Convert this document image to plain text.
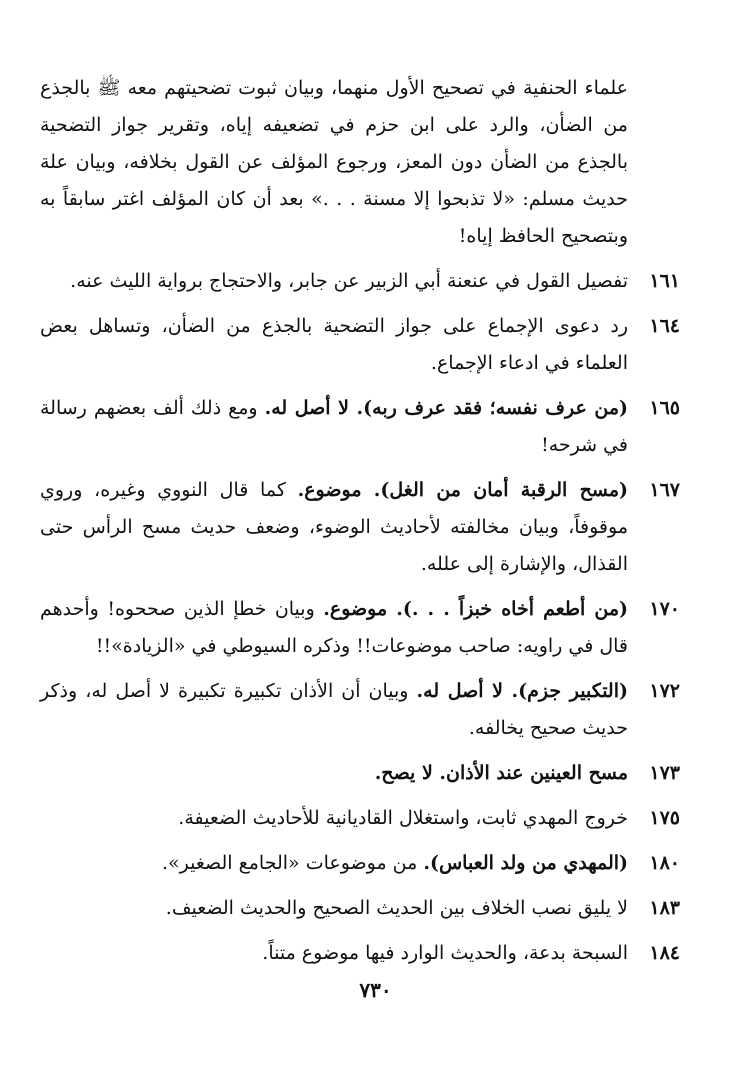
علماء الحنفية في تصحيح الأول منهما، وبيان ثبوت تضحيتهم معه ﷺ بالجذع من الضأن، والرد على ابن حزم في تضعيفه إياه، وتقرير جواز التضحية بالجذع من الضأن دون المعز، ورجوع المؤلف عن القول بخلافه، وبيان علة حديث مسلم: «لا تذبحوا إلا مسنة . . .» بعد أن كان المؤلف اغتر سابقاً به وبتصحيح الحافظ إياه!
١٦١
تفصيل القول في عنعنة أبي الزبير عن جابر، والاحتجاج برواية الليث عنه.
١٦٤
رد دعوى الإجماع على جواز التضحية بالجذع من الضأن، وتساهل بعض العلماء في ادعاء الإجماع.
١٦٥
(من عرف نفسه؛ فقد عرف ربه). لا أصل له. ومع ذلك ألف بعضهم رسالة في شرحه!
١٦٧
(مسح الرقبة أمان من الغل). موضوع. كما قال النووي وغيره، وروي موقوفاً، وبيان مخالفته لأحاديث الوضوء، وضعف حديث مسح الرأس حتى القذال، والإشارة إلى علله.
١٧٠
(من أطعم أخاه خبزاً . . .). موضوع. وبيان خطإ الذين صححوه! وأحدهم قال في راويه: صاحب موضوعات!! وذكره السيوطي في «الزيادة»!!
١٧٢
(التكبير جزم). لا أصل له. وبيان أن الأذان تكبيرة تكبيرة لا أصل له، وذكر حديث صحيح يخالفه.
١٧٣
مسح العينين عند الأذان. لا يصح.
١٧٥
خروج المهدي ثابت، واستغلال القاديانية للأحاديث الضعيفة.
١٨٠
(المهدي من ولد العباس). من موضوعات «الجامع الصغير».
١٨٣
لا يليق نصب الخلاف بين الحديث الصحيح والحديث الضعيف.
١٨٤
السبحة بدعة، والحديث الوارد فيها موضوع متناً.
٧٣٠
